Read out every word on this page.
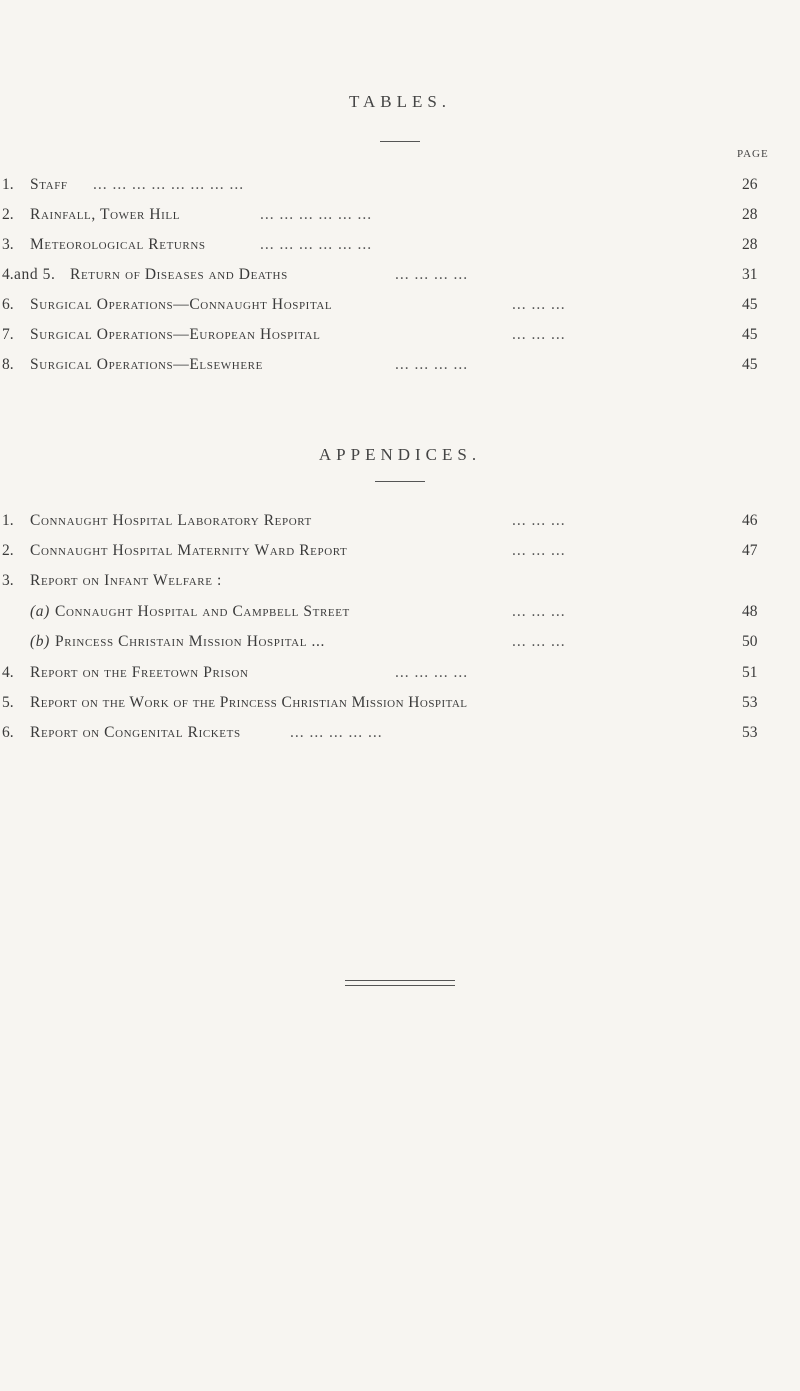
TABLES.
PAGE
1. Staff ... ... ... ... ... ... ... ...	26
2. Rainfall, Tower Hill	... ... ... ... ... ...	28
3. Meteorological Returns	... ... ... ... ... ...	28
4. and 5. Return of Diseases and Deaths	... ... ... ...	31
6. Surgical Operations—Connaught Hospital	... ... ...	45
7. Surgical Operations—European Hospital	... ... ...	45
8. Surgical Operations—Elsewhere	... ... ... ...	45
APPENDICES.
1. Connaught Hospital Laboratory Report	... ... ...	46
2. Connaught Hospital Maternity Ward Report	... ... ...	47
3. Report on Infant Welfare :
(a) Connaught Hospital and Campbell Street	... ... ...	48
(b) Princess Christain Mission Hospital ...	... ... ...	50
4. Report on the Freetown Prison	... ... ... ...	51
5. Report on the Work of the Princess Christian Mission Hospital	53
6. Report on Congenital Rickets	... ... ... ... ...	53
